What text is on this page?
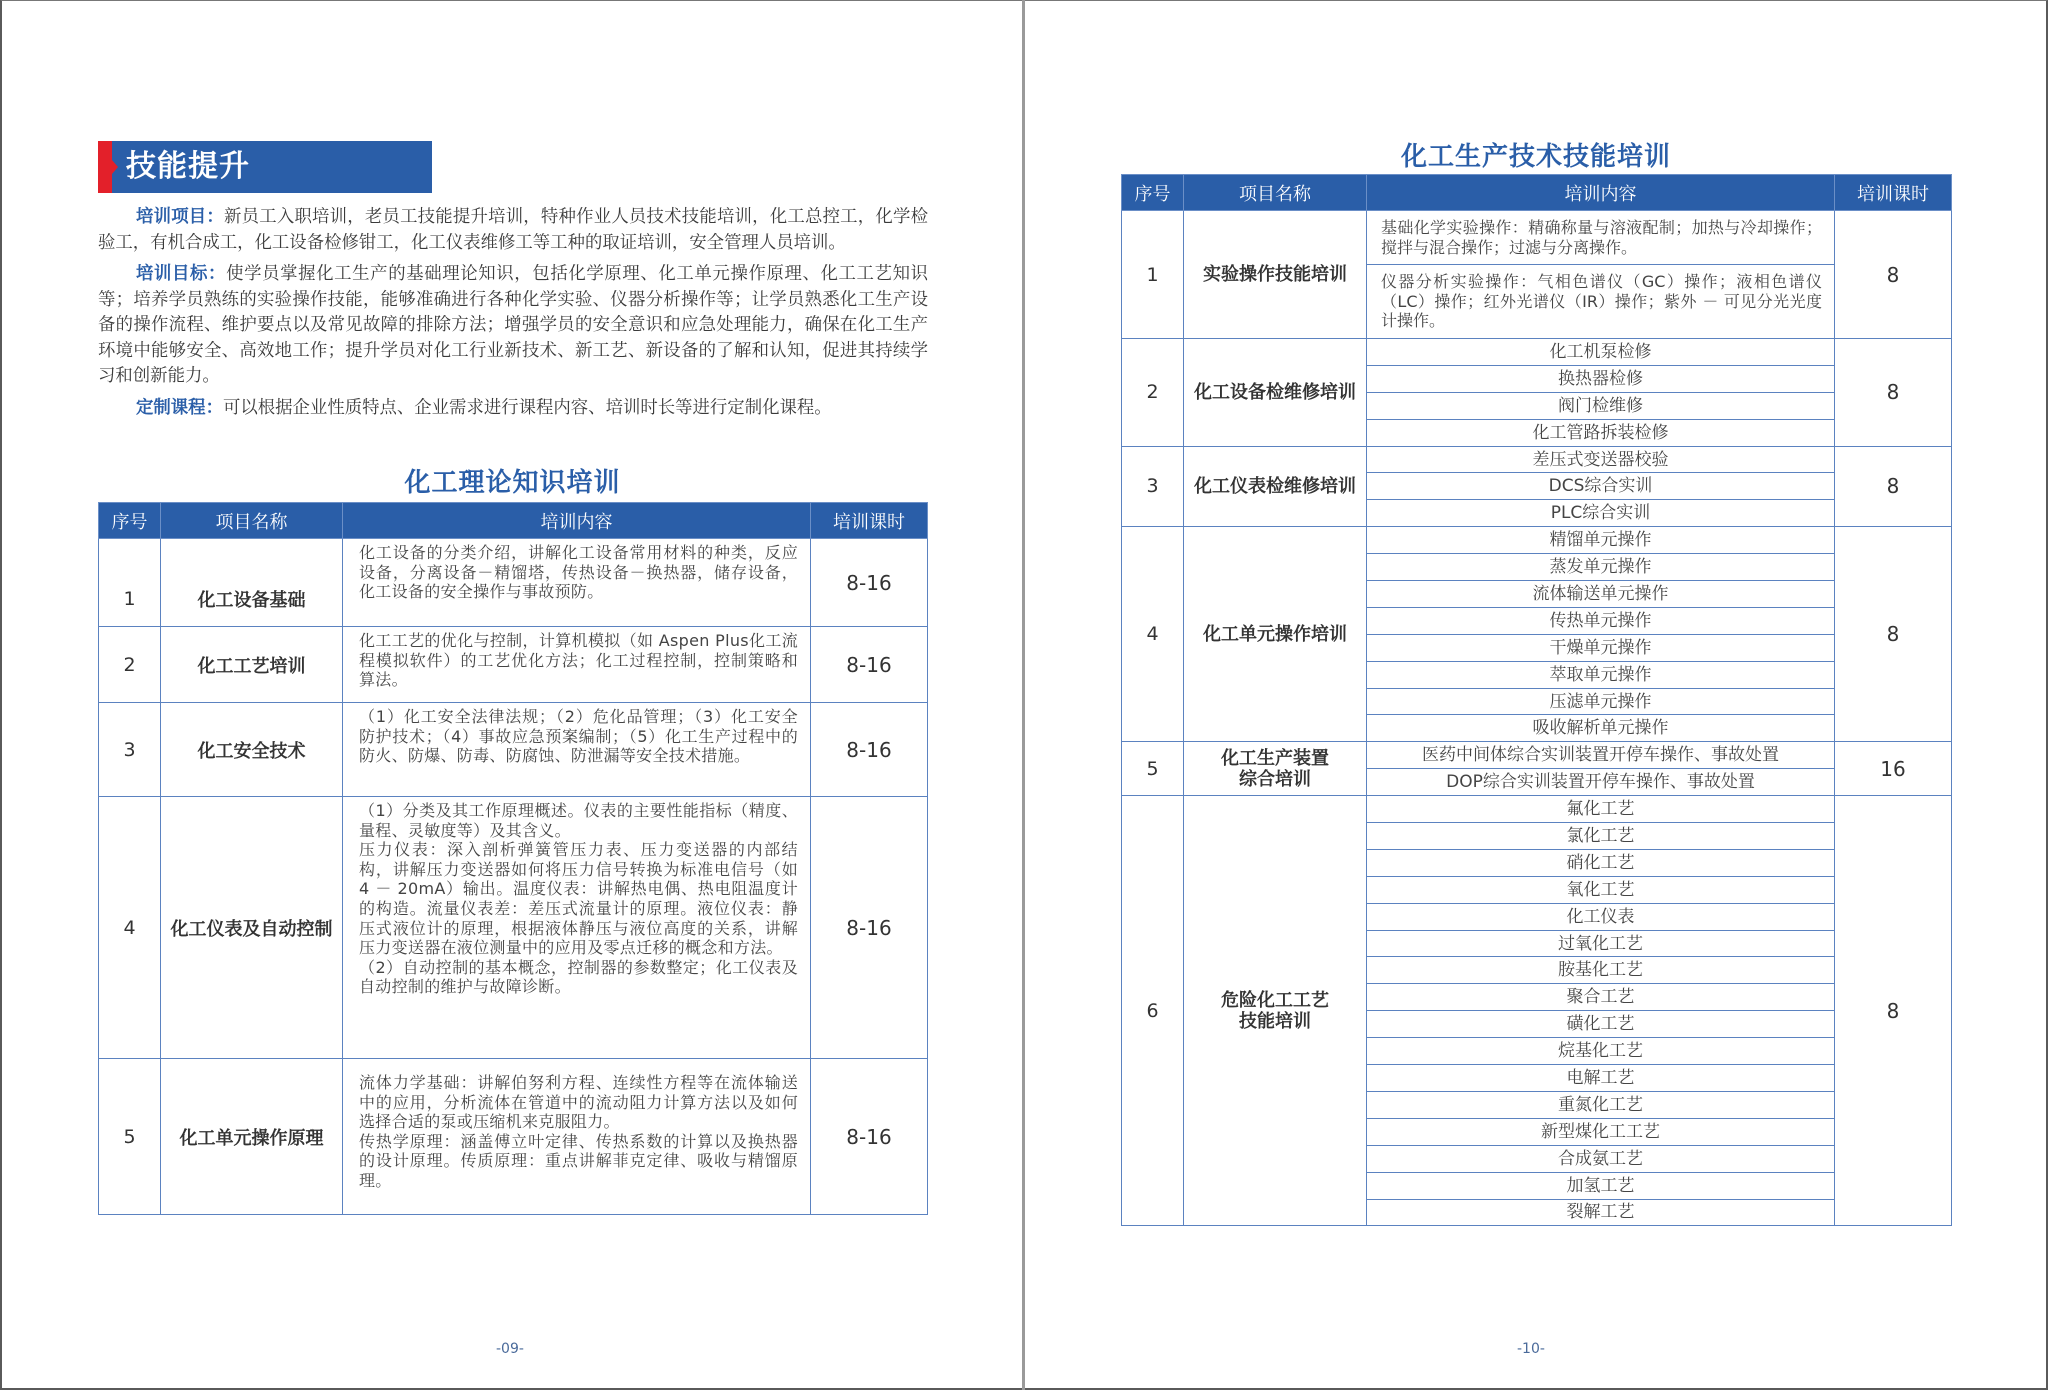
技能提升

培训项目：新员工入职培训，老员工技能提升培训，特种作业人员技术技能培训，化工总控工，化学检验工，有机合成工，化工设备检修钳工，化工仪表维修工等工种的取证培训，安全管理人员培训。

培训目标：使学员掌握化工生产的基础理论知识，包括化学原理、化工单元操作原理、化工工艺知识等；培养学员熟练的实验操作技能，能够准确进行各种化学实验、仪器分析操作等；让学员熟悉化工生产设备的操作流程、维护要点以及常见故障的排除方法；增强学员的安全意识和应急处理能力，确保在化工生产环境中能够安全、高效地工作；提升学员对化工行业新技术、新工艺、新设备的了解和认知，促进其持续学习和创新能力。

定制课程：可以根据企业性质特点、企业需求进行课程内容、培训时长等进行定制化课程。

化工理论知识培训
序号	项目名称	培训内容	培训课时
1	化工设备基础	化工设备的分类介绍，讲解化工设备常用材料的种类，反应设备，分离设备－精馏塔，传热设备－换热器，储存设备，化工设备的安全操作与事故预防。	8-16
2	化工工艺培训	化工工艺的优化与控制，计算机模拟（如 Aspen Plus化工流程模拟软件）的工艺优化方法；化工过程控制，控制策略和算法。	8-16
3	化工安全技术	（1）化工安全法律法规；（2）危化品管理；（3）化工安全防护技术；（4）事故应急预案编制；（5）化工生产过程中的防火、防爆、防毒、防腐蚀、防泄漏等安全技术措施。	8-16
4	化工仪表及自动控制	（1）分类及其工作原理概述。仪表的主要性能指标（精度、量程、灵敏度等）及其含义。
压力仪表：深入剖析弹簧管压力表、压力变送器的内部结构，讲解压力变送器如何将压力信号转换为标准电信号（如 4 － 20mA）输出。温度仪表：讲解热电偶、热电阻温度计的构造。流量仪表差：差压式流量计的原理。液位仪表：静压式液位计的原理，根据液体静压与液位高度的关系，讲解压力变送器在液位测量中的应用及零点迁移的概念和方法。
（2）自动控制的基本概念，控制器的参数整定；化工仪表及自动控制的维护与故障诊断。	8-16
5	化工单元操作原理	流体力学基础：讲解伯努利方程、连续性方程等在流体输送中的应用，分析流体在管道中的流动阻力计算方法以及如何选择合适的泵或压缩机来克服阻力。
传热学原理：涵盖傅立叶定律、传热系数的计算以及换热器的设计原理。传质原理：重点讲解菲克定律、吸收与精馏原理。	8-16
-09-	-10-
化工生产技术技能培训
序号	项目名称	培训内容	培训课时
1	实验操作技能培训	基础化学实验操作：精确称量与溶液配制；加热与冷却操作；搅拌与混合操作；过滤与分离操作。	8
		仪器分析实验操作：气相色谱仪（GC）操作；液相色谱仪（LC）操作；红外光谱仪（IR）操作；紫外 － 可见分光光度计操作。	
2	化工设备检维修培训	化工机泵检修	8
		换热器检修	
		阀门检维修	
		化工管路拆装检修	
3	化工仪表检维修培训	差压式变送器校验	8
		DCS综合实训	
		PLC综合实训	
4	化工单元操作培训	精馏单元操作	8
		蒸发单元操作	
		流体输送单元操作	
		传热单元操作	
		干燥单元操作	
		萃取单元操作	
		压滤单元操作	
		吸收解析单元操作	
5	化工生产装置
综合培训	医药中间体综合实训装置开停车操作、事故处置	16
		DOP综合实训装置开停车操作、事故处置	
6	危险化工工艺
技能培训	氟化工艺	8
		氯化工艺	
		硝化工艺	
		氧化工艺	
		化工仪表	
		过氧化工艺	
		胺基化工艺	
		聚合工艺	
		磺化工艺	
		烷基化工艺	
		电解工艺	
		重氮化工艺	
		新型煤化工工艺	
		合成氨工艺	
		加氢工艺	
		裂解工艺	
